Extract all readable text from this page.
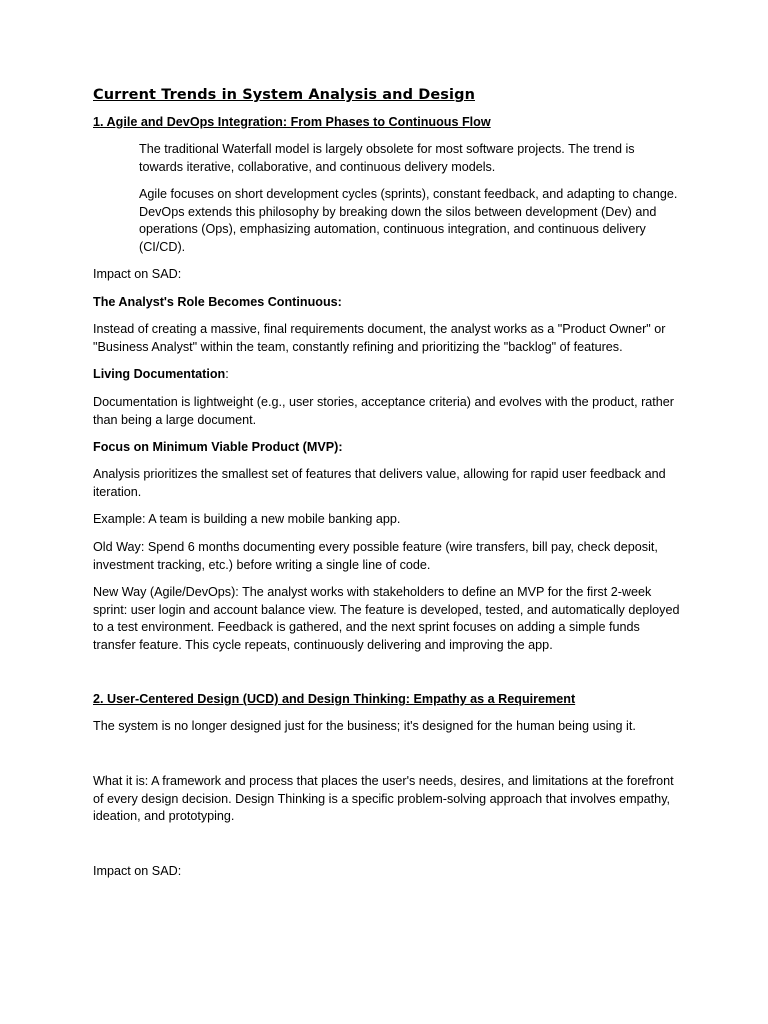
Current Trends in System Analysis and Design

1. Agile and DevOps Integration: From Phases to Continuous Flow

The traditional Waterfall model is largely obsolete for most software projects. The trend is towards iterative, collaborative, and continuous delivery models.

Agile focuses on short development cycles (sprints), constant feedback, and adapting to change. DevOps extends this philosophy by breaking down the silos between development (Dev) and operations (Ops), emphasizing automation, continuous integration, and continuous delivery (CI/CD).

Impact on SAD:

The Analyst's Role Becomes Continuous:

Instead of creating a massive, final requirements document, the analyst works as a "Product Owner" or "Business Analyst" within the team, constantly refining and prioritizing the "backlog" of features.

Living Documentation:

Documentation is lightweight (e.g., user stories, acceptance criteria) and evolves with the product, rather than being a large document.

Focus on Minimum Viable Product (MVP):

Analysis prioritizes the smallest set of features that delivers value, allowing for rapid user feedback and iteration.

Example: A team is building a new mobile banking app.

Old Way: Spend 6 months documenting every possible feature (wire transfers, bill pay, check deposit, investment tracking, etc.) before writing a single line of code.

New Way (Agile/DevOps): The analyst works with stakeholders to define an MVP for the first 2-week sprint: user login and account balance view. The feature is developed, tested, and automatically deployed to a test environment. Feedback is gathered, and the next sprint focuses on adding a simple funds transfer feature. This cycle repeats, continuously delivering and improving the app.

2. User-Centered Design (UCD) and Design Thinking: Empathy as a Requirement

The system is no longer designed just for the business; it's designed for the human being using it.

What it is: A framework and process that places the user's needs, desires, and limitations at the forefront of every design decision. Design Thinking is a specific problem-solving approach that involves empathy, ideation, and prototyping.

Impact on SAD:
